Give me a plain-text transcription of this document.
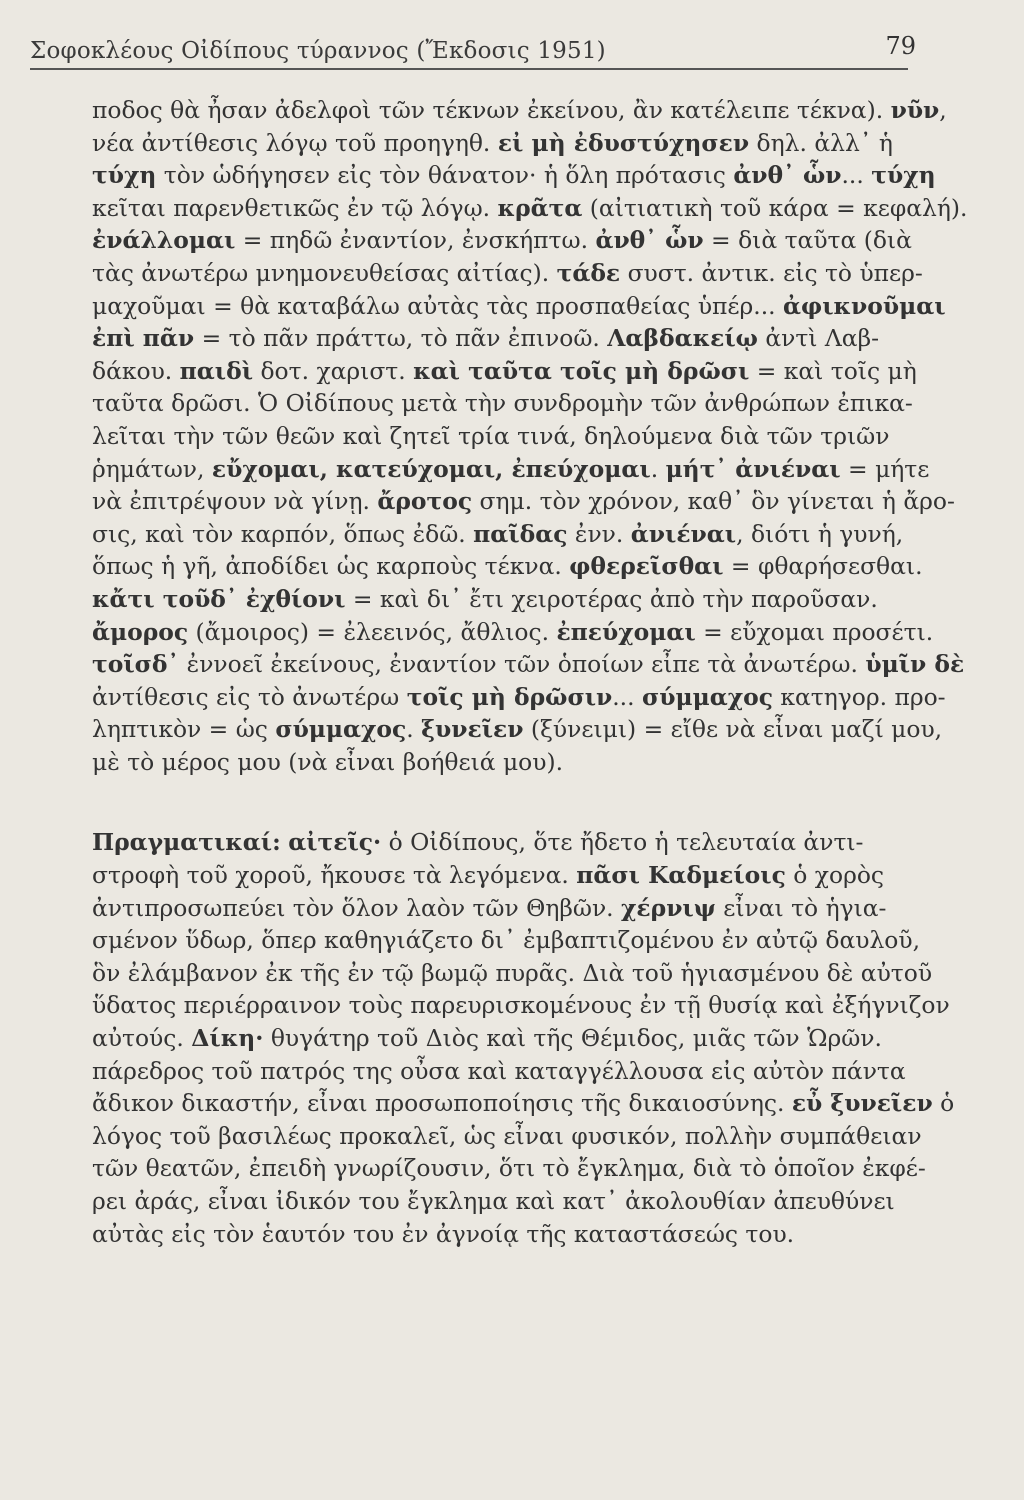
Σοφοκλέους Οἰδίπους τύραννος (Ἔκδοσις 1951)	79
ποδος θὰ ἦσαν ἀδελφοὶ τῶν τέκνων ἐκείνου, ἂν κατέλειπε τέκνα). νῦν,
νέα ἀντίθεσις λόγῳ τοῦ προηγηθ. εἰ μὴ ἐδυστύχησεν δηλ. ἀλλ᾽ ἡ
τύχη τὸν ὡδήγησεν εἰς τὸν θάνατον· ἡ ὅλη πρότασις ἀνθ᾽ ὧν... τύχη
κεῖται παρενθετικῶς ἐν τῷ λόγῳ. κρᾶτα (αἰτιατικὴ τοῦ κάρα = κεφαλή).
ἐνάλλομαι = πηδῶ ἐναντίον, ἐνσκήπτω. ἀνθ᾽ ὧν = διὰ ταῦτα (διὰ
τὰς ἀνωτέρω μνημονευθείσας αἰτίας). τάδε συστ. ἀντικ. εἰς τὸ ὑπερ-
μαχοῦμαι = θὰ καταβάλω αὐτὰς τὰς προσπαθείας ὑπέρ... ἀφικνοῦμαι
ἐπὶ πᾶν = τὸ πᾶν πράττω, τὸ πᾶν ἐπινοῶ. Λαβδακείῳ ἀντὶ Λαβ-
δάκου. παιδὶ δοτ. χαριστ. καὶ ταῦτα τοῖς μὴ δρῶσι = καὶ τοῖς μὴ
ταῦτα δρῶσι. Ὁ Οἰδίπους μετὰ τὴν συνδρομὴν τῶν ἀνθρώπων ἐπικα-
λεῖται τὴν τῶν θεῶν καὶ ζητεῖ τρία τινά, δηλούμενα διὰ τῶν τριῶν
ῥημάτων, εὔχομαι, κατεύχομαι, ἐπεύχομαι. μήτ᾽ ἀνιέναι = μήτε
νὰ ἐπιτρέψουν νὰ γίνῃ. ἄροτος σημ. τὸν χρόνον, καθ᾽ ὃν γίνεται ἡ ἄρο-
σις, καὶ τὸν καρπόν, ὅπως ἐδῶ. παῖδας ἐνν. ἀνιέναι, διότι ἡ γυνή,
ὅπως ἡ γῆ, ἀποδίδει ὡς καρποὺς τέκνα. φθερεῖσθαι = φθαρήσεσθαι.
κἄτι τοῦδ᾽ ἐχθίονι = καὶ δι᾽ ἔτι χειροτέρας ἀπὸ τὴν παροῦσαν.
ἄμορος (ἄμοιρος) = ἐλεεινός, ἄθλιος. ἐπεύχομαι = εὔχομαι προσέτι.
τοῖσδ᾽ ἐννοεῖ ἐκείνους, ἐναντίον τῶν ὁποίων εἶπε τὰ ἀνωτέρω. ὑμῖν δὲ
ἀντίθεσις εἰς τὸ ἀνωτέρω τοῖς μὴ δρῶσιν... σύμμαχος κατηγορ. προ-
ληπτικὸν = ὡς σύμμαχος. ξυνεῖεν (ξύνειμι) = εἴθε νὰ εἶναι μαζί μου,
μὲ τὸ μέρος μου (νὰ εἶναι βοήθειά μου).
Πραγματικαί: αἰτεῖς· ὁ Οἰδίπους, ὅτε ἤδετο ἡ τελευταία ἀντι-
στροφὴ τοῦ χοροῦ, ἤκουσε τὰ λεγόμενα. πᾶσι Καδμείοις ὁ χορὸς
ἀντιπροσωπεύει τὸν ὅλον λαὸν τῶν Θηβῶν. χέρνιψ εἶναι τὸ ἡγια-
σμένον ὕδωρ, ὅπερ καθηγιάζετο δι᾽ ἐμβαπτιζομένου ἐν αὐτῷ δαυλοῦ,
ὃν ἐλάμβανον ἐκ τῆς ἐν τῷ βωμῷ πυρᾶς. Διὰ τοῦ ἡγιασμένου δὲ αὐτοῦ
ὕδατος περιέρραινον τοὺς παρευρισκομένους ἐν τῇ θυσίᾳ καὶ ἐξήγνιζον
αὐτούς. Δίκη· θυγάτηρ τοῦ Διὸς καὶ τῆς Θέμιδος, μιᾶς τῶν Ὡρῶν.
πάρεδρος τοῦ πατρός της οὖσα καὶ καταγγέλλουσα εἰς αὐτὸν πάντα
ἄδικον δικαστήν, εἶναι προσωποποίησις τῆς δικαιοσύνης. εὖ ξυνεῖεν ὁ
λόγος τοῦ βασιλέως προκαλεῖ, ὡς εἶναι φυσικόν, πολλὴν συμπάθειαν
τῶν θεατῶν, ἐπειδὴ γνωρίζουσιν, ὅτι τὸ ἔγκλημα, διὰ τὸ ὁποῖον ἐκφέ-
ρει ἀράς, εἶναι ἰδικόν του ἔγκλημα καὶ κατ᾽ ἀκολουθίαν ἀπευθύνει
αὐτὰς εἰς τὸν ἑαυτόν του ἐν ἀγνοίᾳ τῆς καταστάσεώς του.
